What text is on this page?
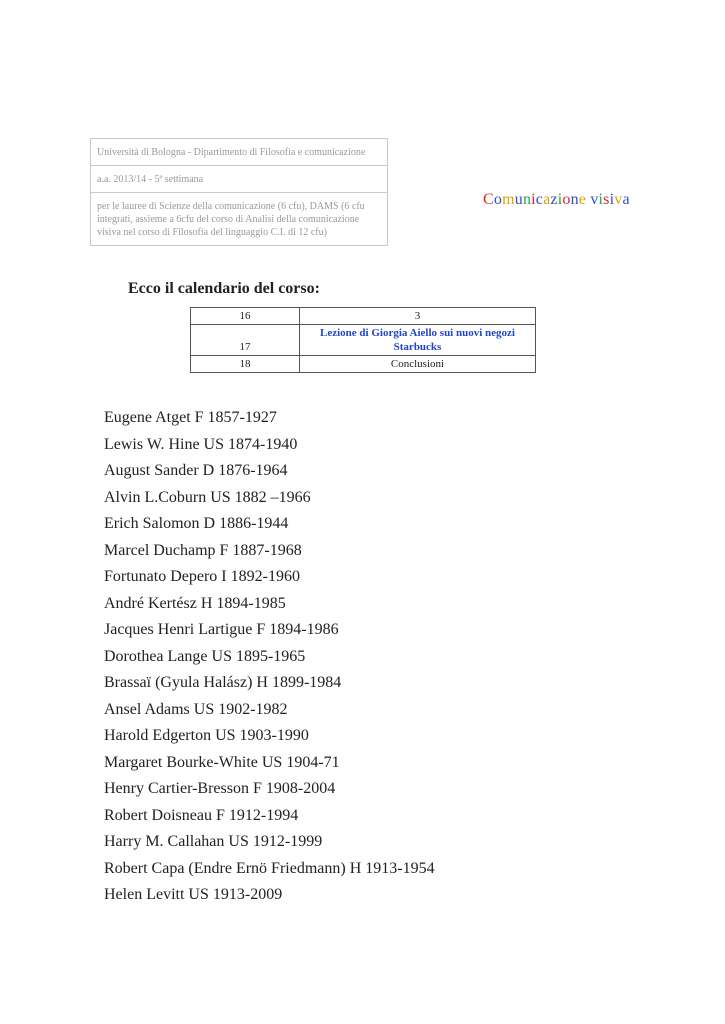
Università di Bologna - Dipartimento di Filosofia e comunicazione
a.a. 2013/14 - 5ª settimana
per le lauree di Scienze della comunicazione (6 cfu), DAMS (6 cfu integrati, assieme a 6cfu del corso di Analisi della comunicazione visiva nel corso di Filosofia del linguaggio C.I. di 12 cfu)
Comunicazione visiva
Ecco il calendario del corso:
16	3
17	Lezione di Giorgia Aiello sui nuovi negozi Starbucks
18	Conclusioni
Eugene Atget F 1857-1927
Lewis W. Hine US 1874-1940
August Sander D 1876-1964
Alvin L.Coburn US 1882 –1966
Erich Salomon D 1886-1944
Marcel Duchamp F 1887-1968
Fortunato Depero I 1892-1960
André Kertész H 1894-1985
Jacques Henri Lartigue F 1894-1986
Dorothea Lange US 1895-1965
Brassaï (Gyula Halász) H 1899-1984
Ansel Adams US 1902-1982
Harold Edgerton US 1903-1990
Margaret Bourke-White US 1904-71
Henry Cartier-Bresson F 1908-2004
Robert Doisneau F 1912-1994
Harry M. Callahan US 1912-1999
Robert Capa (Endre Ernö Friedmann) H 1913-1954
Helen Levitt US 1913-2009
